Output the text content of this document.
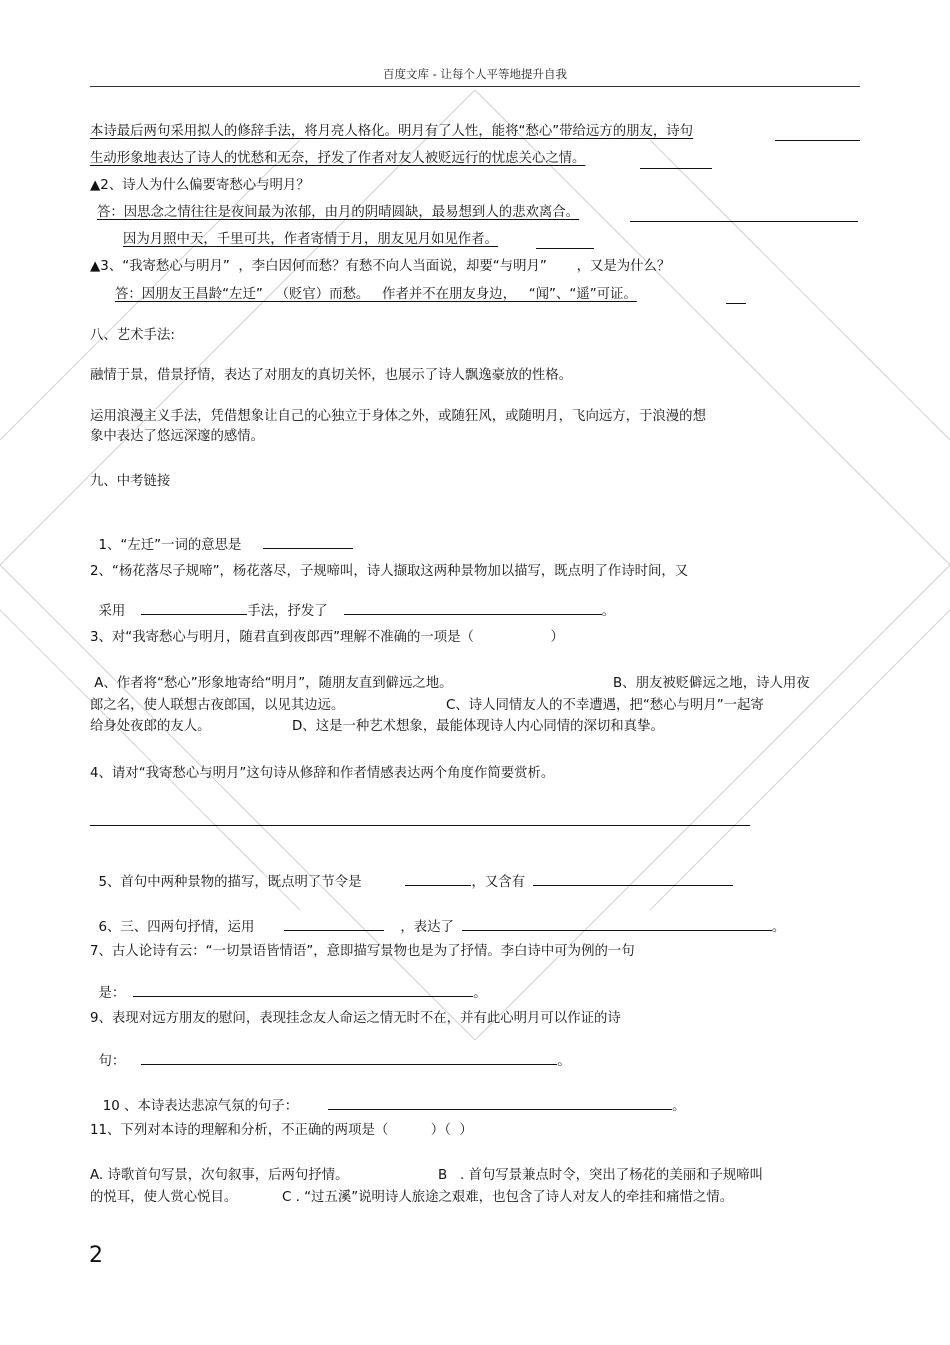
百度文库 - 让每个人平等地提升自我
本诗最后两句采用拟人的修辞手法，将月亮人格化。明月有了人性，能将“愁心”带给远方的朋友，诗句
生动形象地表达了诗人的忧愁和无奈，抒发了作者对友人被贬远行的忧虑关心之情。
▲2、诗人为什么偏要寄愁心与明月？
答：因思念之情往往是夜间最为浓郁，由月的阴晴圆缺，最易想到人的悲欢离合。
因为月照中天，千里可共，作者寄情于月，朋友见月如见作者。
▲3、“我寄愁心与明月”  ，李白因何而愁？有愁不向人当面说，却要“与明月”       ，又是为什么？
答：因朋友王昌龄“左迁”   （贬官）而愁。   作者并不在朋友身边，   “闻”、“遥”可证。
八、艺术手法:
融情于景，借景抒情，表达了对朋友的真切关怀，也展示了诗人飘逸豪放的性格。
运用浪漫主义手法，凭借想象让自己的心独立于身体之外，或随狂风，或随明月，飞向远方，于浪漫的想
象中表达了悠远深邃的感情。
九、中考链接

1、“左迁”一词的意思是

2、“杨花落尽子规啼”，杨花落尽，子规啼叫，诗人撷取这两种景物加以描写，既点明了作诗时间，又

采用	手法，抒发了	。

3、对“我寄愁心与明月，随君直到夜郎西”理解不准确的一项是（                  ）
A、作者将“愁心”形象地寄给“明月”，随朋友直到僻远之地。	B、朋友被贬僻远之地，诗人用夜
郎之名，使人联想古夜郎国，以见其边远。	C、诗人同情友人的不幸遭遇，把“愁心与明月”一起寄
给身处夜郎的友人。	D、这是一种艺术想象，最能体现诗人内心同情的深切和真挚。
4、请对“我寄愁心与明月”这句诗从修辞和作者情感表达两个角度作简要赏析。

5、首句中两种景物的描写，既点明了节令是	，又含有

6、三、四两句抒情，运用	，表达了	。

7、古人论诗有云：“一切景语皆情语”，意即描写景物也是为了抒情。李白诗中可为例的一句

是：	。

9、表现对远方朋友的慰问，表现挂念友人命运之情无时不在，并有此心明月可以作证的诗

句：	。

10 、本诗表达悲凉气氛的句子：	。

11、下列对本诗的理解和分析，不正确的两项是（          ）（  ）
A. 诗歌首句写景，次句叙事，后两句抒情。	B   . 首句写景兼点时令，突出了杨花的美丽和子规啼叫
的悦耳，使人赏心悦目。	C . “过五溪”说明诗人旅途之艰难，也包含了诗人对友人的牵挂和痛惜之情。
2
